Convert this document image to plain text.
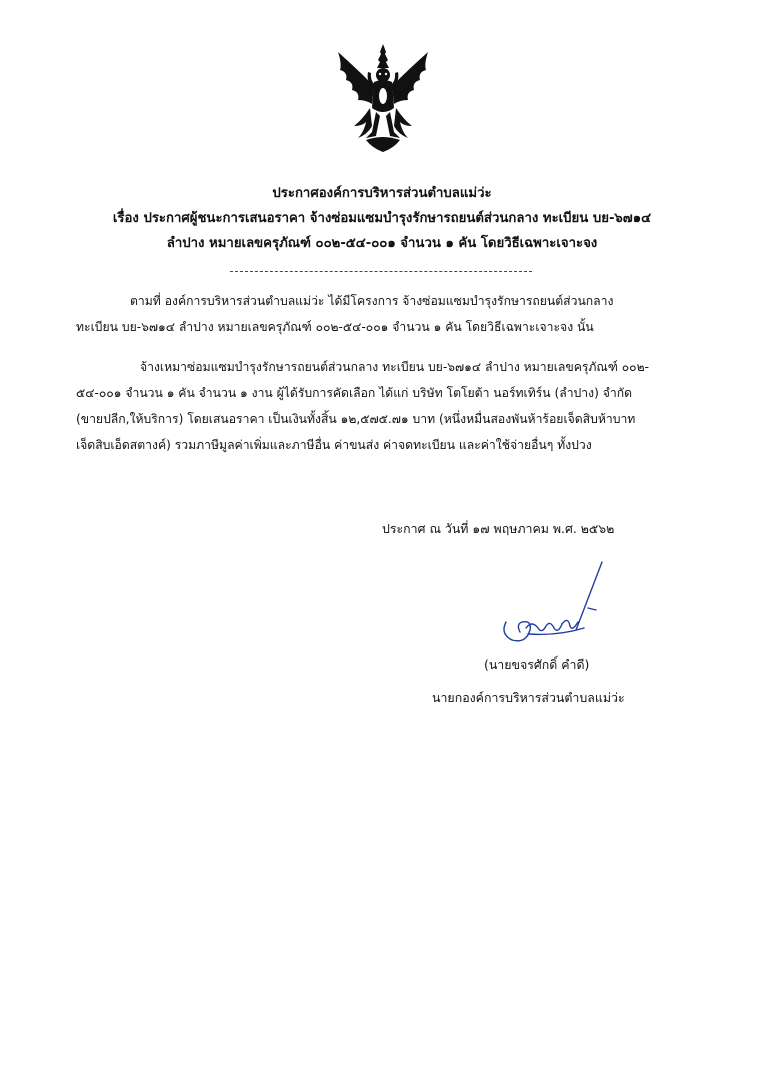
ประกาศองค์การบริหารส่วนตำบลแม่ว่ะ
เรื่อง ประกาศผู้ชนะการเสนอราคา จ้างซ่อมแซมบำรุงรักษารถยนต์ส่วนกลาง ทะเบียน บย-๖๗๑๔
ลำปาง หมายเลขครุภัณฑ์ ๐๐๒-๕๔-๐๐๑ จำนวน ๑ คัน โดยวิธีเฉพาะเจาะจง
ตามที่ องค์การบริหารส่วนตำบลแม่ว่ะ ได้มีโครงการ จ้างซ่อมแซมบำรุงรักษารถยนต์ส่วนกลาง
ทะเบียน บย-๖๗๑๔ ลำปาง หมายเลขครุภัณฑ์ ๐๐๒-๕๔-๐๐๑ จำนวน ๑ คัน โดยวิธีเฉพาะเจาะจง นั้น
จ้างเหมาซ่อมแซมบำรุงรักษารถยนต์ส่วนกลาง ทะเบียน บย-๖๗๑๔ ลำปาง หมายเลขครุภัณฑ์ ๐๐๒-
๕๔-๐๐๑ จำนวน ๑ คัน จำนวน ๑ งาน ผู้ได้รับการคัดเลือก ได้แก่ บริษัท โตโยต้า นอร์ทเทิร์น (ลำปาง) จำกัด
(ขายปลีก,ให้บริการ) โดยเสนอราคา เป็นเงินทั้งสิ้น ๑๒,๕๗๕.๗๑ บาท (หนึ่งหมื่นสองพันห้าร้อยเจ็ดสิบห้าบาท
เจ็ดสิบเอ็ดสตางค์) รวมภาษีมูลค่าเพิ่มและภาษีอื่น ค่าขนส่ง ค่าจดทะเบียน และค่าใช้จ่ายอื่นๆ ทั้งปวง
ประกาศ ณ วันที่ ๑๗ พฤษภาคม พ.ศ. ๒๕๖๒
(นายขจรศักดิ์ คำดี)
นายกองค์การบริหารส่วนตำบลแม่ว่ะ
